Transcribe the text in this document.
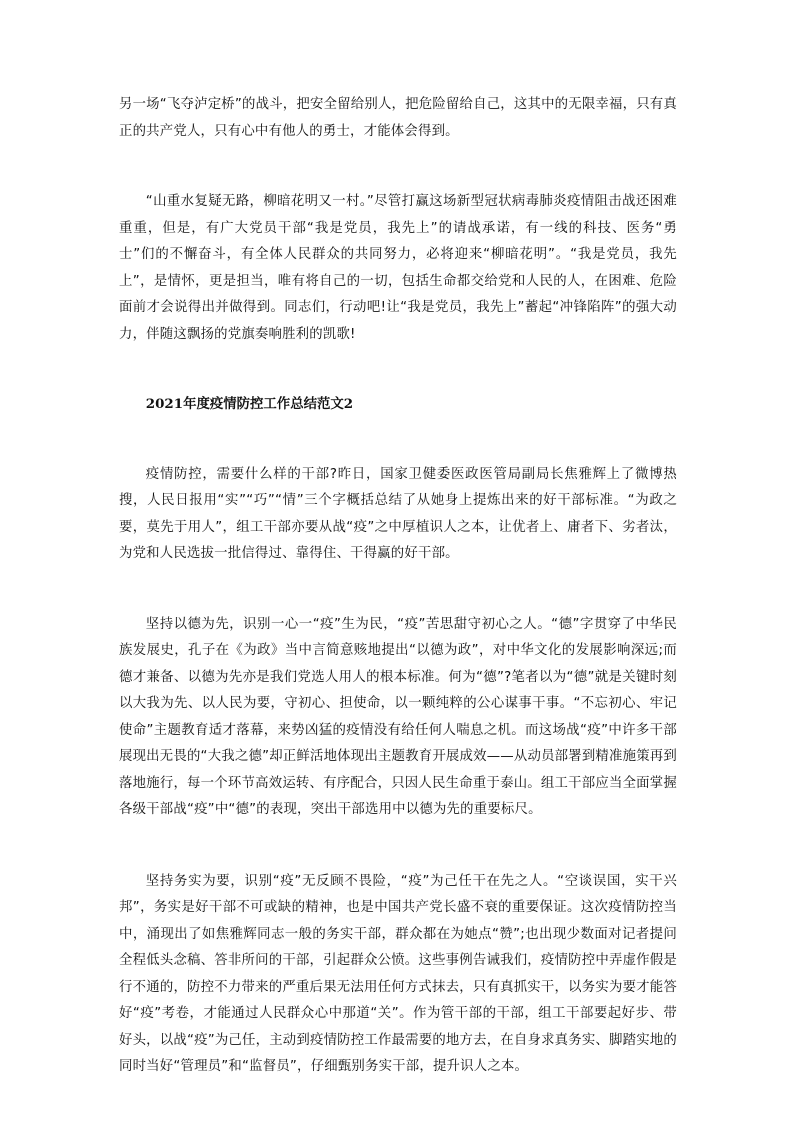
另一场“飞夺泸定桥”的战斗，把安全留给别人，把危险留给自己，这其中的无限幸福，只有真正的共产党人，只有心中有他人的勇士，才能体会得到。

“山重水复疑无路，柳暗花明又一村。”尽管打赢这场新型冠状病毒肺炎疫情阻击战还困难重重，但是，有广大党员干部“我是党员，我先上”的请战承诺，有一线的科技、医务“勇士”们的不懈奋斗，有全体人民群众的共同努力，必将迎来“柳暗花明”。“我是党员，我先上”，是情怀，更是担当，唯有将自己的一切，包括生命都交给党和人民的人，在困难、危险面前才会说得出并做得到。同志们，行动吧!让“我是党员，我先上”蓄起“冲锋陷阵”的强大动力，伴随这飘扬的党旗奏响胜利的凯歌!

2021年度疫情防控工作总结范文2

疫情防控，需要什么样的干部?昨日，国家卫健委医政医管局副局长焦雅辉上了微博热搜，人民日报用“实”“巧”“情”三个字概括总结了从她身上提炼出来的好干部标准。“为政之要，莫先于用人”，组工干部亦要从战“疫”之中厚植识人之本，让优者上、庸者下、劣者汰，为党和人民选拔一批信得过、靠得住、干得赢的好干部。

坚持以德为先，识别一心一“疫”生为民，“疫”苦思甜守初心之人。“德”字贯穿了中华民族发展史，孔子在《为政》当中言简意赅地提出“以德为政”，对中华文化的发展影响深远;而德才兼备、以德为先亦是我们党选人用人的根本标准。何为“德”?笔者以为“德”就是关键时刻以大我为先、以人民为要，守初心、担使命，以一颗纯粹的公心谋事干事。“不忘初心、牢记使命”主题教育适才落幕，来势凶猛的疫情没有给任何人喘息之机。而这场战“疫”中许多干部展现出无畏的“大我之德”却正鲜活地体现出主题教育开展成效——从动员部署到精准施策再到落地施行，每一个环节高效运转、有序配合，只因人民生命重于泰山。组工干部应当全面掌握各级干部战“疫”中“德”的表现，突出干部选用中以德为先的重要标尺。

坚持务实为要，识别“疫”无反顾不畏险，“疫”为己任干在先之人。“空谈误国，实干兴邦”，务实是好干部不可或缺的精神，也是中国共产党长盛不衰的重要保证。这次疫情防控当中，涌现出了如焦雅辉同志一般的务实干部，群众都在为她点“赞”;也出现少数面对记者提问全程低头念稿、答非所问的干部，引起群众公愤。这些事例告诫我们，疫情防控中弄虚作假是行不通的，防控不力带来的严重后果无法用任何方式抹去，只有真抓实干，以务实为要才能答好“疫”考卷，才能通过人民群众心中那道“关”。作为管干部的干部，组工干部要起好步、带好头，以战“疫”为己任，主动到疫情防控工作最需要的地方去，在自身求真务实、脚踏实地的同时当好“管理员”和“监督员”，仔细甄别务实干部，提升识人之本。
